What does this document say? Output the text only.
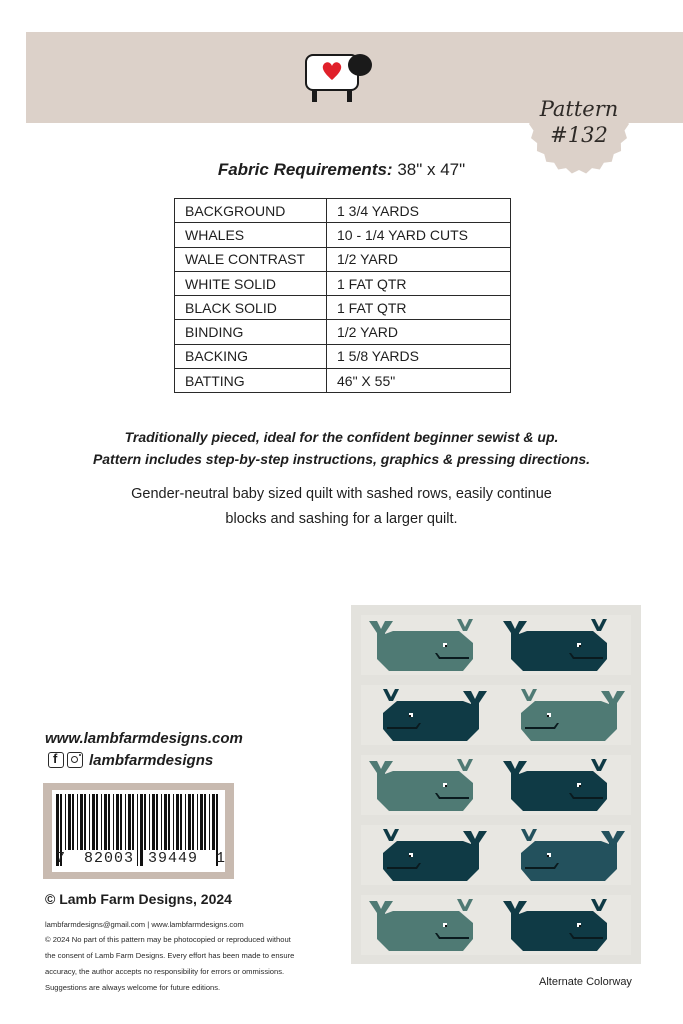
Pattern
#132
Fabric Requirements: 38" x 47"
BACKGROUND	1 3/4 YARDS
WHALES	10 - 1/4 YARD CUTS
WALE CONTRAST	1/2 YARD
WHITE SOLID	1 FAT QTR
BLACK SOLID	1 FAT QTR
BINDING	1/2 YARD
BACKING	1 5/8 YARDS
BATTING	46" X 55"
Traditionally pieced, ideal for the confident beginner sewist & up.
Pattern includes step-by-step instructions, graphics & pressing directions.
Gender-neutral baby sized quilt with sashed rows, easily continue
blocks and sashing for a larger quilt.
www.lambfarmdesigns.com
f lambfarmdesigns
7 82003 39449 1
© Lamb Farm Designs, 2024
lambfarmdesigns@gmail.com | www.lambfarmdesigns.com
© 2024 No part of this pattern may be photocopied or reproduced without
the consent of Lamb Farm Designs. Every effort has been made to ensure
accuracy, the author accepts no responsibility for errors or ommissions.
Suggestions are always welcome for future editions.	Alternate Colorway
